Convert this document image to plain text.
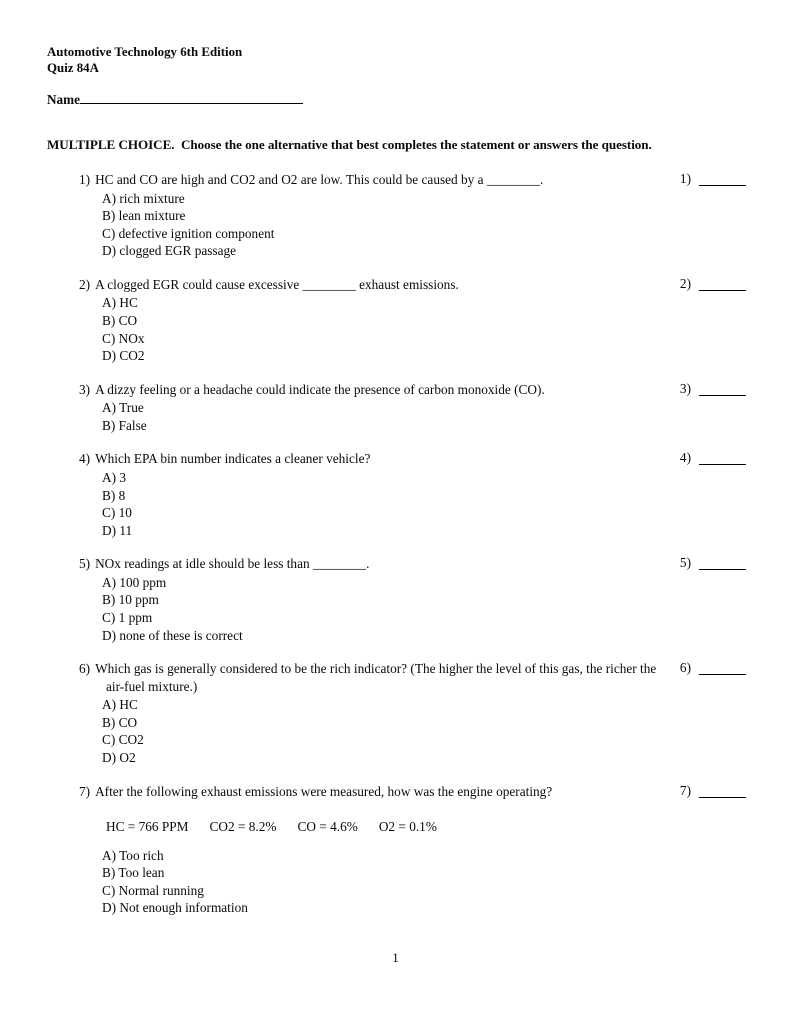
Automotive Technology 6th Edition
Quiz 84A
Name
MULTIPLE CHOICE.  Choose the one alternative that best completes the statement or answers the question.
1) HC and CO are high and CO2 and O2 are low. This could be caused by a ________.	1)
A) rich mixture
B) lean mixture
C) defective ignition component
D) clogged EGR passage
2) A clogged EGR could cause excessive ________ exhaust emissions.	2)
A) HC
B) CO
C) NOx
D) CO2
3) A dizzy feeling or a headache could indicate the presence of carbon monoxide (CO).	3)
A) True
B) False
4) Which EPA bin number indicates a cleaner vehicle?	4)
A) 3
B) 8
C) 10
D) 11
5) NOx readings at idle should be less than ________.	5)
A) 100 ppm
B) 10 ppm
C) 1 ppm
D) none of these is correct
6) Which gas is generally considered to be the rich indicator? (The higher the level of this gas, the richer the air-fuel mixture.)
6)
A) HC
B) CO
C) CO2
D) O2
7) After the following exhaust emissions were measured, how was the engine operating?	7)
HC = 766 PPM CO2 = 8.2% CO = 4.6% O2 = 0.1%
A) Too rich
B) Too lean
C) Normal running
D) Not enough information
1
